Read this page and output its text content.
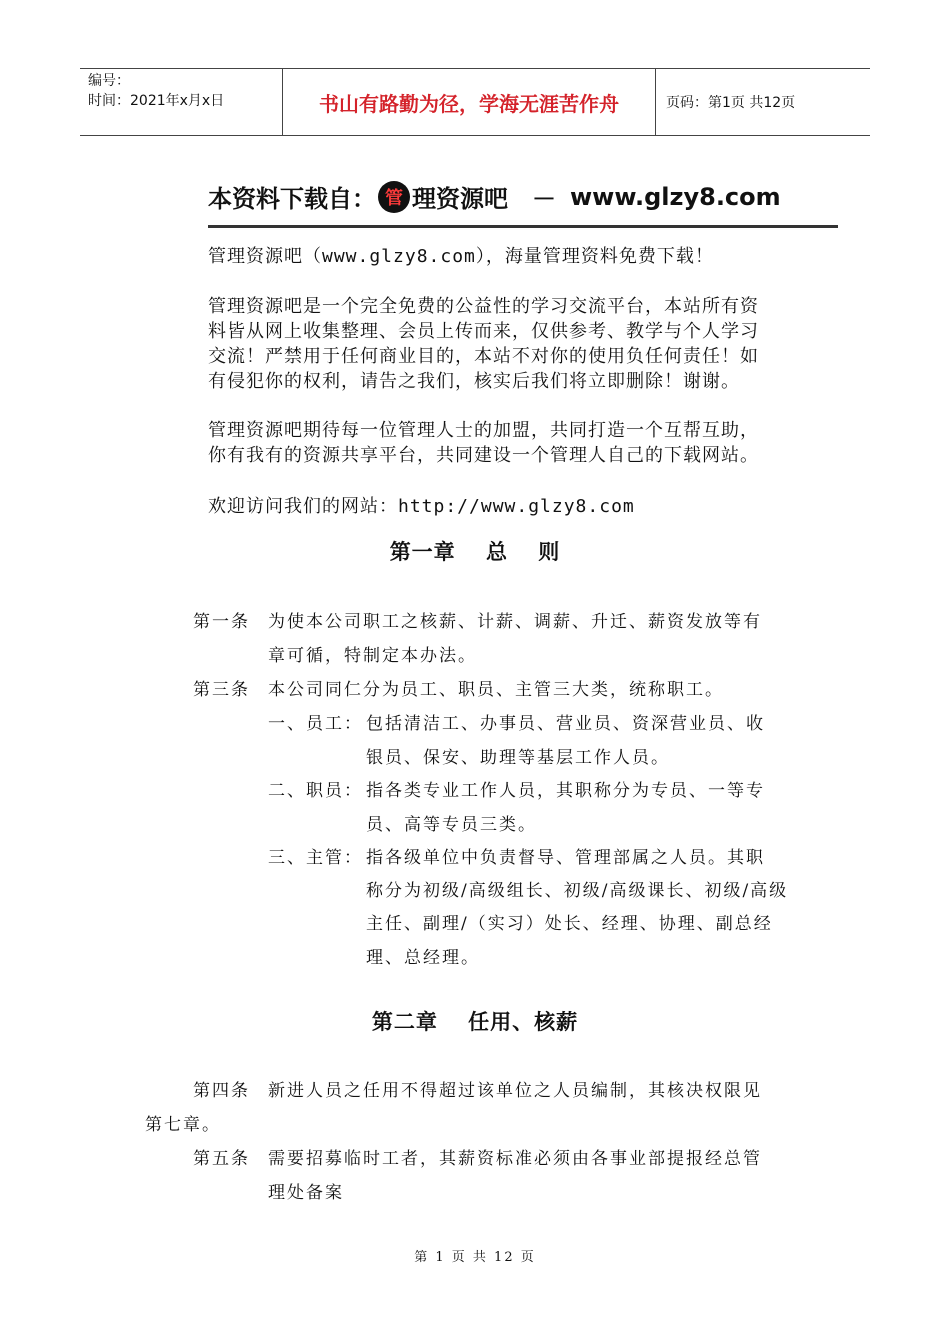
编号：
时间：2021年x月x日	书山有路勤为径，学海无涯苦作舟	页码：第1页 共12页
本资料下载自： 管 理资源吧 － www.glzy8.com
管理资源吧（www.glzy8.com），海量管理资料免费下载！
管理资源吧是一个完全免费的公益性的学习交流平台，本站所有资
料皆从网上收集整理、会员上传而来，仅供参考、教学与个人学习
交流！严禁用于任何商业目的，本站不对你的使用负任何责任！如
有侵犯你的权利，请告之我们，核实后我们将立即删除！谢谢。
管理资源吧期待每一位管理人士的加盟，共同打造一个互帮互助，
你有我有的资源共享平台，共同建设一个管理人自己的下载网站。
欢迎访问我们的网站：http://www.glzy8.com
第一章　 总　 则
第一条 为使本公司职工之核薪、计薪、调薪、升迁、薪资发放等有
章可循，特制定本办法。
第三条 本公司同仁分为员工、职员、主管三大类，统称职工。
一、员工： 包括清洁工、办事员、营业员、资深营业员、收
银员、保安、助理等基层工作人员。
二、职员： 指各类专业工作人员，其职称分为专员、一等专
员、高等专员三类。
三、主管： 指各级单位中负责督导、管理部属之人员。其职
称分为初级/高级组长、初级/高级课长、初级/高级
主任、副理/（实习）处长、经理、协理、副总经
理、总经理。
第二章　 任用、核薪
第四条 新进人员之任用不得超过该单位之人员编制，其核决权限见
第七章。
第五条 需要招募临时工者，其薪资标准必须由各事业部提报经总管
理处备案
第 1 页 共 12 页
